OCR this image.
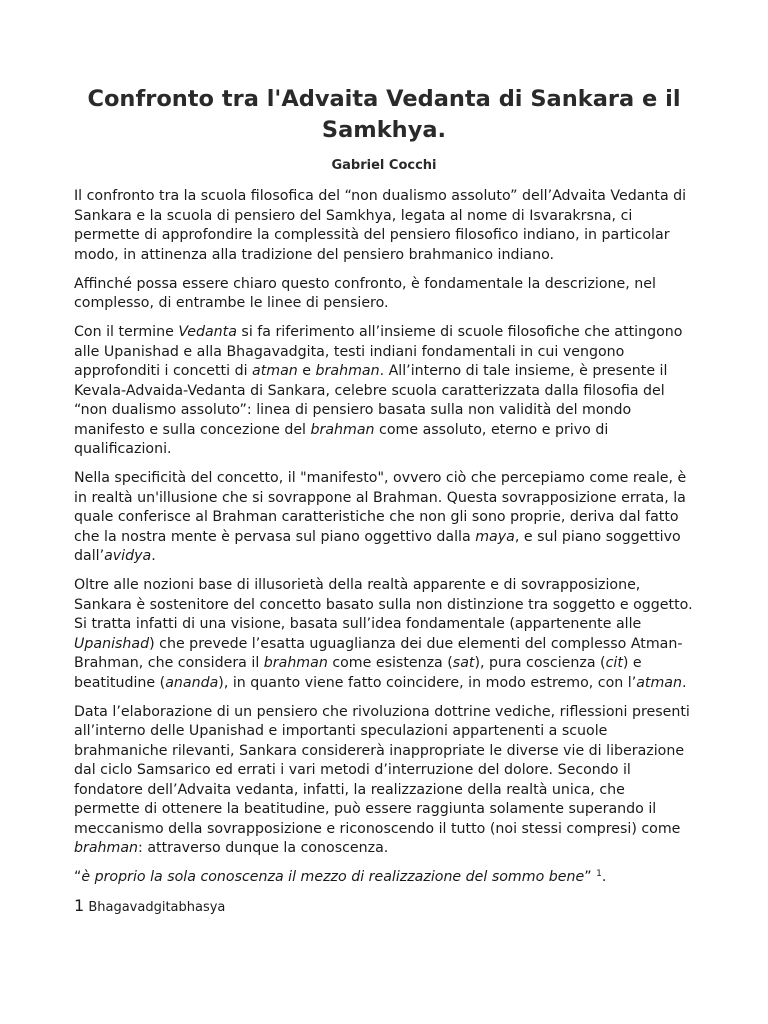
Confronto tra l'Advaita Vedanta di Sankara e il Samkhya.
Gabriel Cocchi

Il confronto tra la scuola filosofica del “non dualismo assoluto” dell’Advaita Vedanta di Sankara e la scuola di pensiero del Samkhya, legata al nome di Isvarakrsna, ci permette di approfondire la complessità del pensiero filosofico indiano, in particolar modo, in attinenza alla tradizione del pensiero brahmanico indiano.

Affinché possa essere chiaro questo confronto, è fondamentale la descrizione, nel complesso, di entrambe le linee di pensiero.

Con il termine Vedanta si fa riferimento all’insieme di scuole filosofiche che attingono alle Upanishad e alla Bhagavadgita, testi indiani fondamentali in cui vengono approfonditi i concetti di atman e brahman. All’interno di tale insieme, è presente il Kevala-Advaida-Vedanta di Sankara, celebre scuola caratterizzata dalla filosofia del “non dualismo assoluto”: linea di pensiero basata sulla non validità del mondo manifesto e sulla concezione del brahman come assoluto, eterno e privo di qualificazioni.

Nella specificità del concetto, il "manifesto", ovvero ciò che percepiamo come reale, è in realtà un'illusione che si sovrappone al Brahman. Questa sovrapposizione errata, la quale conferisce al Brahman caratteristiche che non gli sono proprie, deriva dal fatto che la nostra mente è pervasa sul piano oggettivo dalla maya, e sul piano soggettivo dall’avidya.

Oltre alle nozioni base di illusorietà della realtà apparente e di sovrapposizione, Sankara è sostenitore del concetto basato sulla non distinzione tra soggetto e oggetto. Si tratta infatti di una visione, basata sull’idea fondamentale (appartenente alle Upanishad) che prevede l’esatta uguaglianza dei due elementi del complesso Atman-Brahman, che considera il brahman come esistenza (sat), pura coscienza (cit) e beatitudine (ananda), in quanto viene fatto coincidere, in modo estremo, con l’atman.

Data l’elaborazione di un pensiero che rivoluziona dottrine vediche, riflessioni presenti all’interno delle Upanishad e importanti speculazioni appartenenti a scuole brahmaniche rilevanti, Sankara considererà inappropriate le diverse vie di liberazione dal ciclo Samsarico ed errati i vari metodi d’interruzione del dolore. Secondo il fondatore dell’Advaita vedanta, infatti, la realizzazione della realtà unica, che permette di ottenere la beatitudine, può essere raggiunta solamente superando il meccanismo della sovrapposizione e riconoscendo il tutto (noi stessi compresi) come brahman: attraverso dunque la conoscenza.

“è proprio la sola conoscenza il mezzo di realizzazione del sommo bene” $^1$.

1 Bhagavadgitabhasya
